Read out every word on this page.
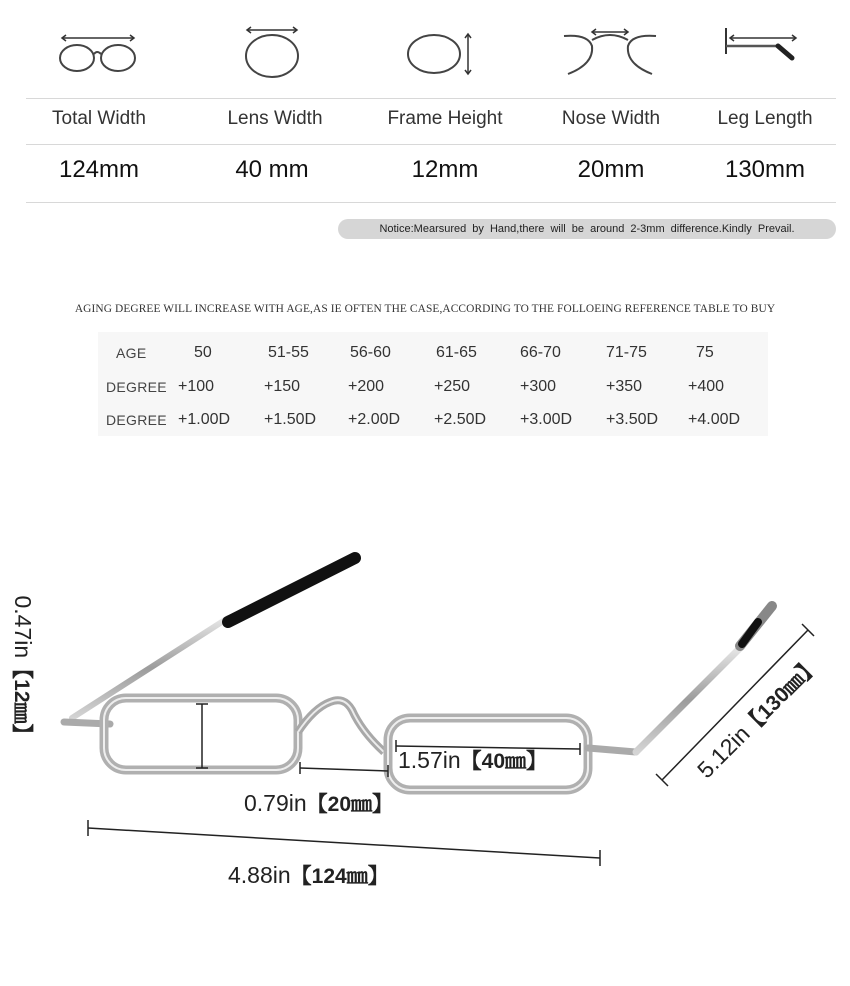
Total Width	Lens Width	Frame Height	Nose Width	Leg Length
124mm	40 mm	12mm	20mm	130mm
Notice:Mearsured by Hand,there will be around 2-3mm difference.Kindly Prevail.
AGING DEGREE WILL INCREASE WITH AGE,AS IE OFTEN THE CASE,ACCORDING TO THE FOLLOEING REFERENCE TABLE TO BUY
AGE	50	51-55	56-60	61-65	66-70	71-75	75
DEGREE +100	+150	+200	+250	+300	+350	+400
DEGREE +1.00D +1.50D +2.00D +2.50D +3.00D +3.50D +4.00D
0.47in【12㎜】
1.57in【40㎜】
0.79in【20㎜】
4.88in【124㎜】
5.12in【130㎜】
